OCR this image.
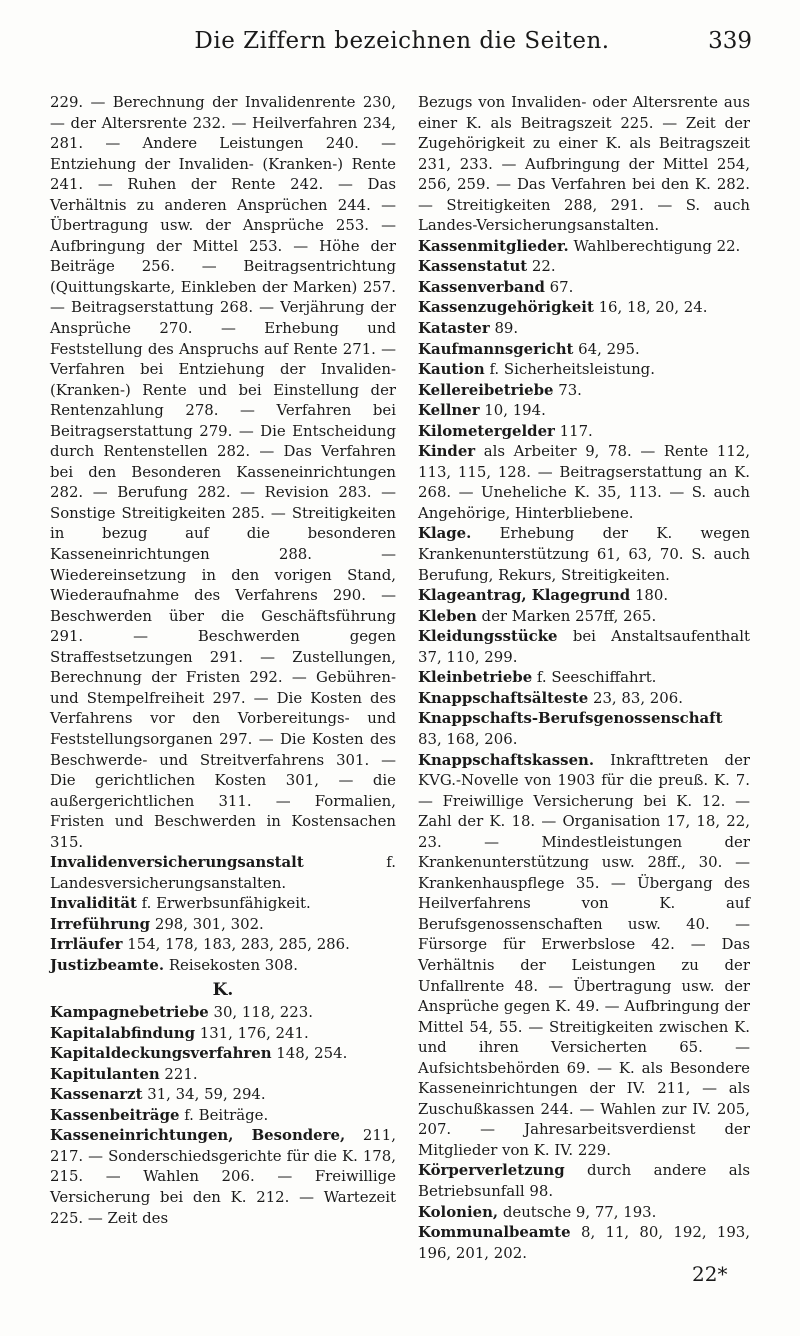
Die Ziffern bezeichnen die Seiten.	339

229. — Berechnung der Invalidenrente 230, — der Altersrente 232. — Heilverfahren 234, 281. — Andere Leistungen 240. — Entziehung der Invaliden- (Kranken-) Rente 241. — Ruhen der Rente 242. — Das Verhältnis zu anderen Ansprüchen 244. — Übertragung usw. der Ansprüche 253. — Aufbringung der Mittel 253. — Höhe der Beiträge 256. — Beitragsentrichtung (Quittungskarte, Einkleben der Marken) 257. — Beitragserstattung 268. — Verjährung der Ansprüche 270. — Erhebung und Feststellung des Anspruchs auf Rente 271. — Verfahren bei Entziehung der Invaliden- (Kranken-) Rente und bei Einstellung der Rentenzahlung 278. — Verfahren bei Beitragserstattung 279. — Die Entscheidung durch Rentenstellen 282. — Das Verfahren bei den Besonderen Kasseneinrichtungen 282. — Berufung 282. — Revision 283. — Sonstige Streitigkeiten 285. — Streitigkeiten in bezug auf die besonderen Kasseneinrichtungen 288. — Wiedereinsetzung in den vorigen Stand, Wiederaufnahme des Verfahrens 290. — Beschwerden über die Geschäftsführung 291. — Beschwerden gegen Straffestsetzungen 291. — Zustellungen, Berechnung der Fristen 292. — Gebühren- und Stempelfreiheit 297. — Die Kosten des Verfahrens vor den Vorbereitungs- und Feststellungsorganen 297. — Die Kosten des Beschwerde- und Streitverfahrens 301. — Die gerichtlichen Kosten 301, — die außergerichtlichen 311. — Formalien, Fristen und Beschwerden in Kostensachen 315.

Invalidenversicherungsanstalt	f. Landesversicherungsanstalten.

Invalidität f. Erwerbsunfähigkeit.

Irreführung 298, 301, 302.

Irrläufer 154, 178, 183, 283, 285, 286.

Justizbeamte. Reisekosten 308.

K.

Kampagnebetriebe 30, 118, 223.

Kapitalabfindung 131, 176, 241.

Kapitaldeckungsverfahren 148, 254.

Kapitulanten 221.

Kassenarzt 31, 34, 59, 294.

Kassenbeiträge f. Beiträge.

Kasseneinrichtungen, Besondere, 211, 217. — Sonderschiedsgerichte für die K. 178, 215. — Wahlen 206. — Freiwillige Versicherung bei den K. 212. — Wartezeit 225. — Zeit des

Bezugs von Invaliden- oder Altersrente aus einer K. als Beitragszeit 225. — Zeit der Zugehörigkeit zu einer K. als Beitragszeit 231, 233. — Aufbringung der Mittel 254, 256, 259. — Das Verfahren bei den K. 282. — Streitigkeiten 288, 291. — S. auch Landes-Versicherungsanstalten.

Kassenmitglieder. Wahlberechtigung 22.

Kassenstatut 22.

Kassenverband 67.

Kassenzugehörigkeit 16, 18, 20, 24.

Kataster 89.

Kaufmannsgericht 64, 295.

Kaution f. Sicherheitsleistung.

Kellereibetriebe 73.

Kellner 10, 194.

Kilometergelder 117.

Kinder als Arbeiter 9, 78. — Rente 112, 113, 115, 128. — Beitragserstattung an K. 268. — Uneheliche K. 35, 113. — S. auch Angehörige, Hinterbliebene.

Klage. Erhebung der K. wegen Krankenunterstützung 61, 63, 70. S. auch Berufung, Rekurs, Streitigkeiten.

Klageantrag, Klagegrund 180.

Kleben der Marken 257ff, 265.

Kleidungsstücke bei Anstaltsaufenthalt 37, 110, 299.

Kleinbetriebe f. Seeschiffahrt.

Knappschaftsälteste 23, 83, 206.

Knappschafts-Berufsgenossenschaft 83, 168, 206.

Knappschaftskassen. Inkrafttreten der KVG.-Novelle von 1903 für die preuß. K. 7. — Freiwillige Versicherung bei K. 12. — Zahl der K. 18. — Organisation 17, 18, 22, 23. — Mindestleistungen der Krankenunterstützung usw. 28ff., 30. — Krankenhauspflege 35. — Übergang des Heilverfahrens von K. auf Berufsgenossenschaften usw. 40. — Fürsorge für Erwerbslose 42. — Das Verhältnis der Leistungen zu der Unfallrente 48. — Übertragung usw. der Ansprüche gegen K. 49. — Aufbringung der Mittel 54, 55. — Streitigkeiten zwischen K. und ihren Versicherten 65. — Aufsichtsbehörden 69. — K. als Besondere Kasseneinrichtungen der IV. 211, — als Zuschußkassen 244. — Wahlen zur IV. 205, 207. — Jahresarbeitsverdienst der Mitglieder von K. IV. 229.

Körperverletzung durch andere als Betriebsunfall 98.

Kolonien, deutsche 9, 77, 193.

Kommunalbeamte 8, 11, 80, 192, 193, 196, 201, 202.

22*
